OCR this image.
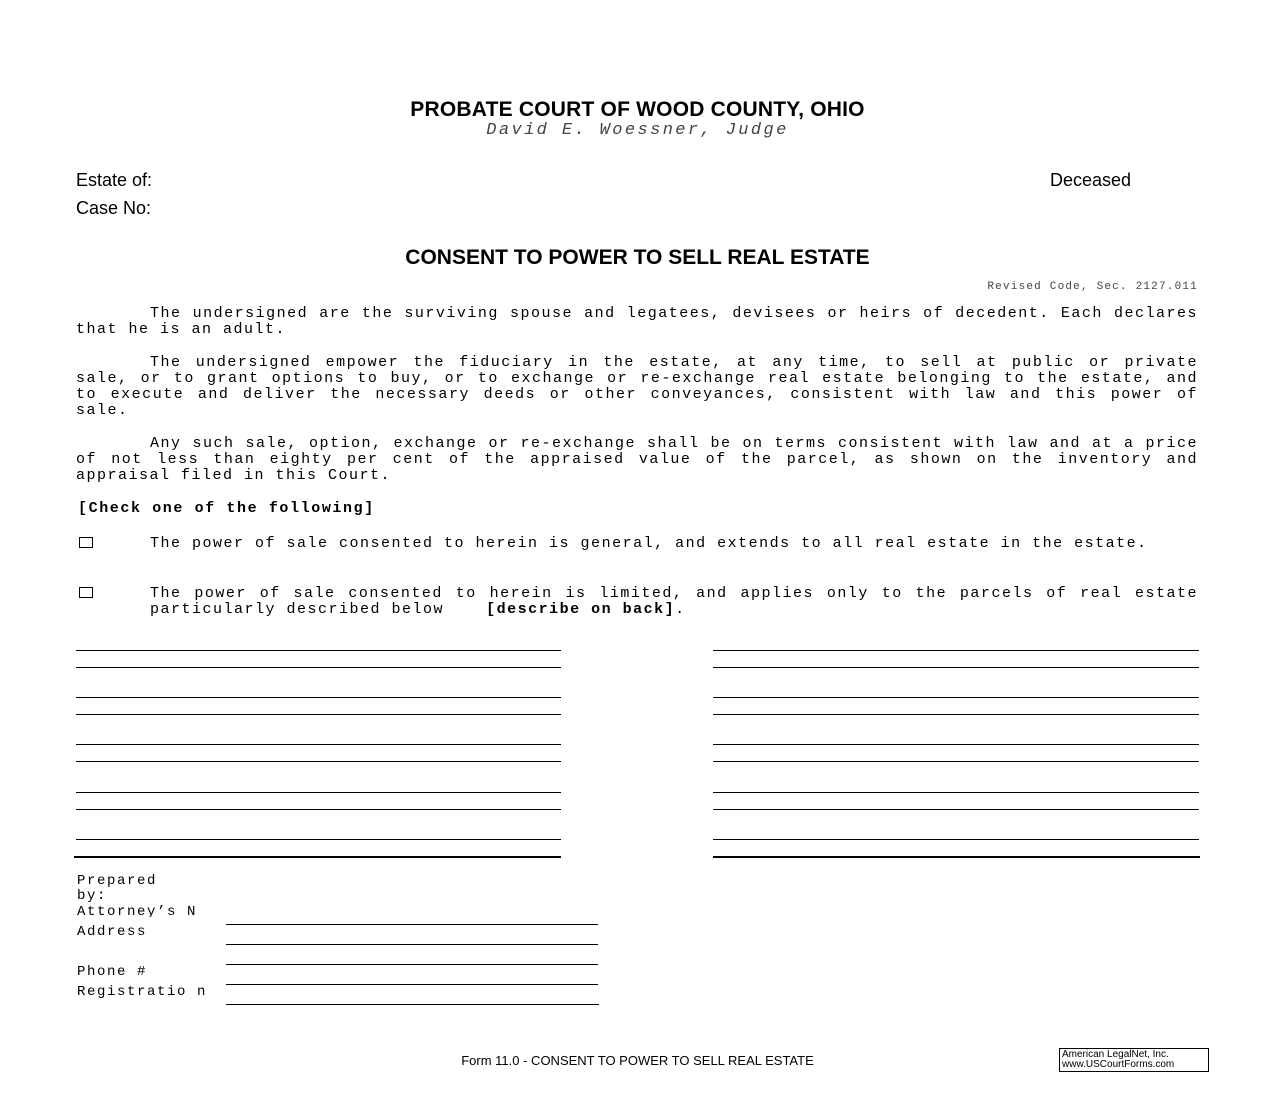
PROBATE COURT OF WOOD COUNTY, OHIO
David E. Woessner, Judge
Estate of:	Deceased
Case No:
CONSENT TO POWER TO SELL REAL ESTATE
Revised Code, Sec. 2127.011
The undersigned are the surviving spouse and legatees, devisees or heirs of decedent. Each declares that he is an adult.
The undersigned empower the fiduciary in the estate, at any time, to sell at public or private sale, or to grant options to buy, or to exchange or re-exchange real estate belonging to the estate, and to execute and deliver the necessary deeds or other conveyances, consistent with law and this power of sale.
Any such sale, option, exchange or re-exchange shall be on terms consistent with law and at a price of not less than eighty per cent of the appraised value of the parcel, as shown on the inventory and appraisal filed in this Court.
[Check one of the following]
The power of sale consented to herein is general, and extends to all real estate in the estate.
The power of sale consented to herein is limited, and applies only to the parcels of real estate particularly described below	[describe on back].
Prepared by:
Attorney’s N
Address
Phone #
Registratio n
Form 11.0 - CONSENT TO POWER TO SELL REAL ESTATE	American LegalNet, Inc.
www.USCourtForms.com
